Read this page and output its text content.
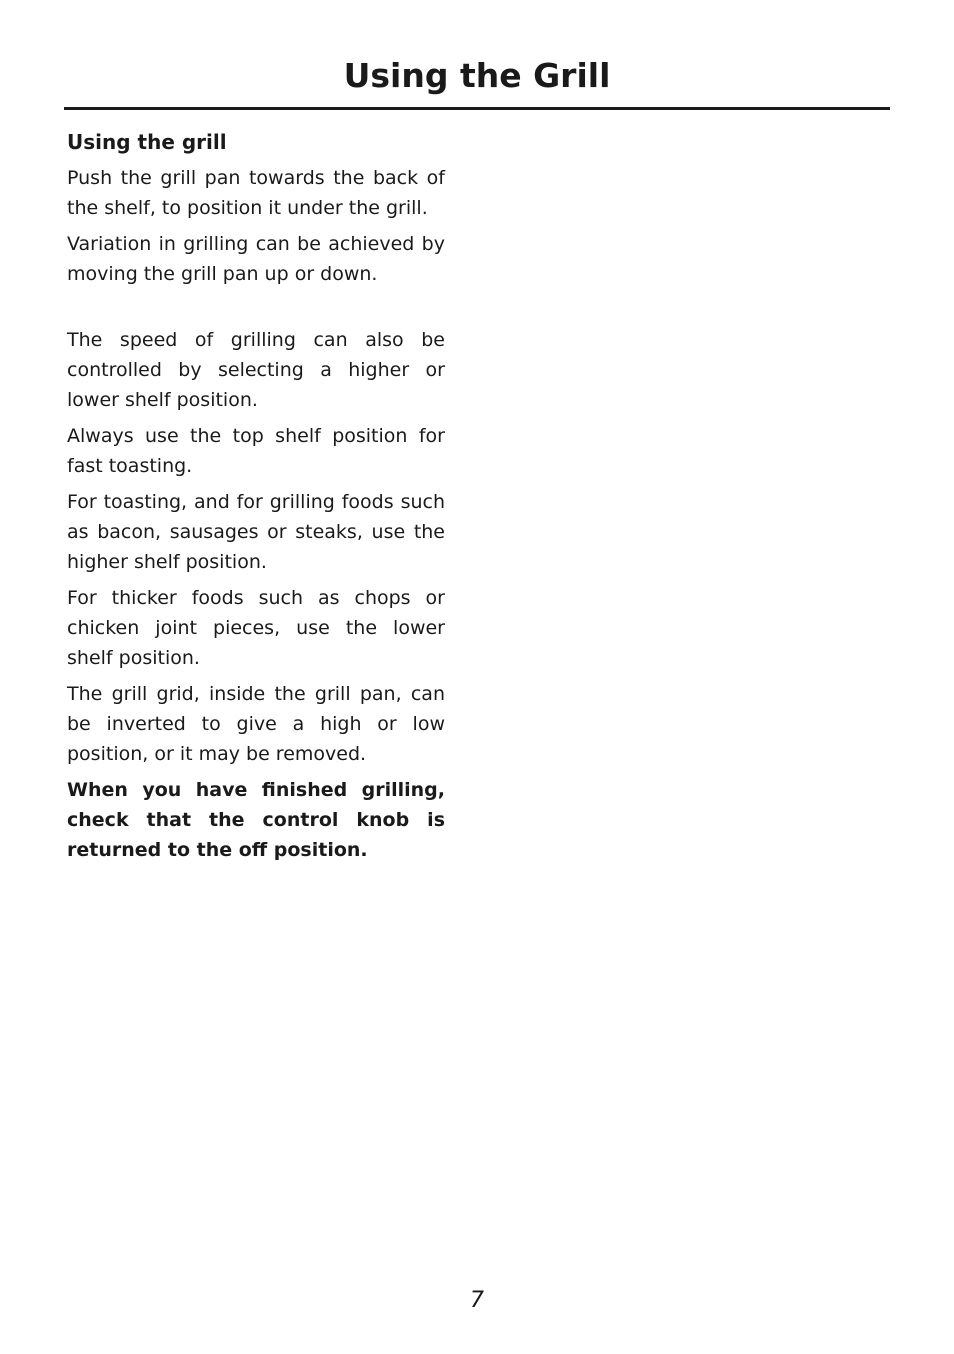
Using the Grill
Using the grill

Push the grill pan towards the back of the shelf, to position it under the grill.

Variation in grilling can be achieved by moving the grill pan up or down.

The speed of grilling can also be controlled by selecting a higher or lower shelf position.

Always use the top shelf position for fast toasting.

For toasting, and for grilling foods such as bacon, sausages or steaks, use the higher shelf position.

For thicker foods such as chops or chicken joint pieces, use the lower shelf position.

The grill grid, inside the grill pan, can be inverted to give a high or low position, or it may be removed.

When you have finished grilling, check that the control knob is returned to the off position.

7
